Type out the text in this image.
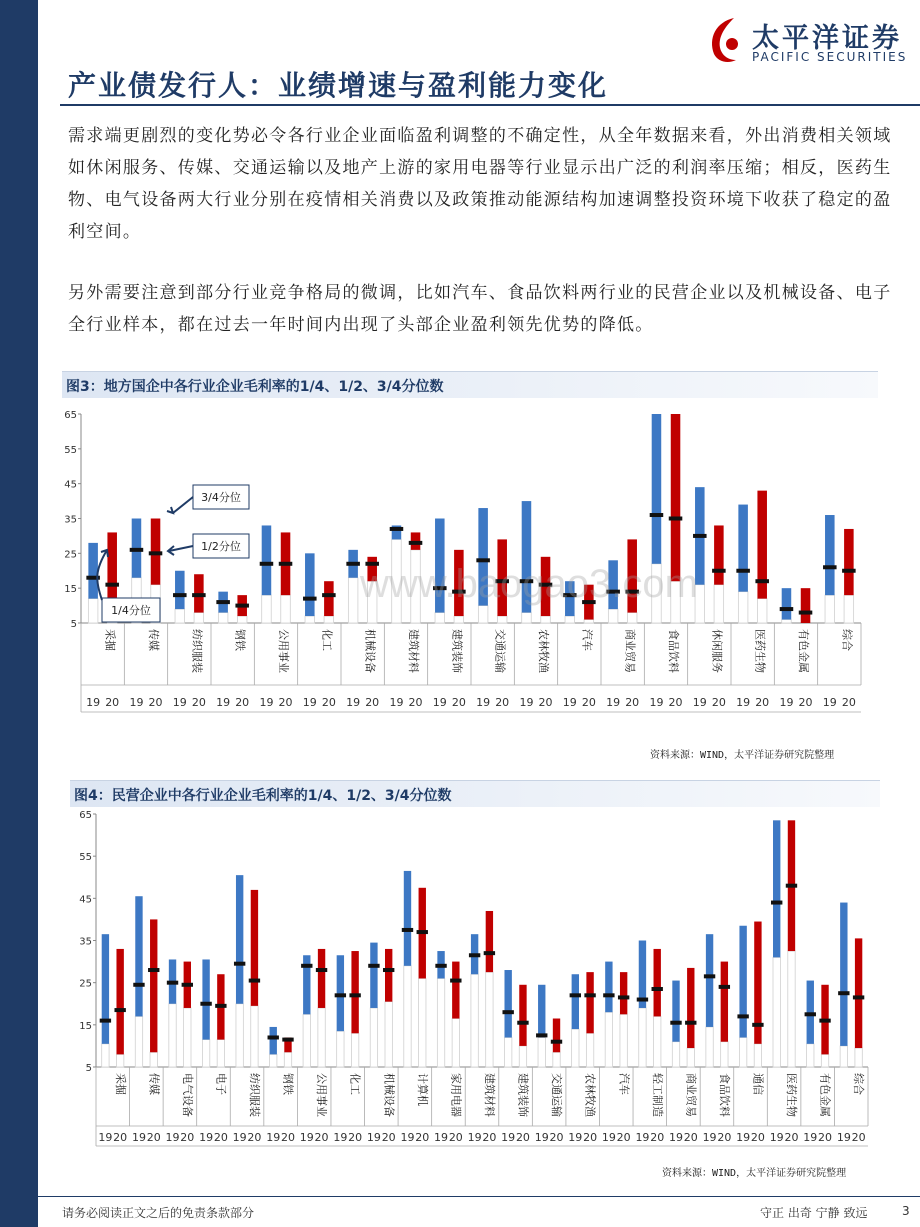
太平洋证券
PACIFIC SECURITIES
产业债发行人：业绩增速与盈利能力变化
需求端更剧烈的变化势必令各行业企业面临盈利调整的不确定性，从全年数据来看，外出消费相关领域如休闲服务、传媒、交通运输以及地产上游的家用电器等行业显示出广泛的利润率压缩；相反，医药生物、电气设备两大行业分别在疫情相关消费以及政策推动能源结构加速调整投资环境下收获了稳定的盈利空间。
另外需要注意到部分行业竞争格局的微调，比如汽车、食品饮料两行业的民营企业以及机械设备、电子全行业样本，都在过去一年时间内出现了头部企业盈利领先优势的降低。
图3：地方国企中各行业企业毛利率的1/4、1/2、3/4分位数
5
15
25
35
45
55
65
采掘
19 20
传媒
19 20
纺织服装
19 20
钢铁
19 20
公用事业
19 20
化工
19 20
机械设备
19 20
建筑材料
19 20
建筑装饰
19 20
交通运输
19 20
农林牧渔
19 20
汽车
19 20
商业贸易
19 20
食品饮料
19 20
休闲服务
19 20
医药生物
19 20
有色金属
19 20
综合
19 20
3/4分位
1/2分位
1/4分位
资料来源：WIND，太平洋证券研究院整理
www.baogao3.com
图4：民营企业中各行业企业毛利率的1/4、1/2、3/4分位数
5
15
25
35
45
55
65
采掘
19 20
传媒
19 20
电气设备
19 20
电子
19 20
纺织服装
19 20
钢铁
19 20
公用事业
19 20
化工
19 20
机械设备
19 20
计算机
19 20
家用电器
19 20
建筑材料
19 20
建筑装饰
19 20
交通运输
19 20
农林牧渔
19 20
汽车
19 20
轻工制造
19 20
商业贸易
19 20
食品饮料
19 20
通信
19 20
医药生物
19 20
有色金属
19 20
综合
19 20
资料来源：WIND，太平洋证券研究院整理
请务必阅读正文之后的免责条款部分	守正 出奇 宁静 致远	3
